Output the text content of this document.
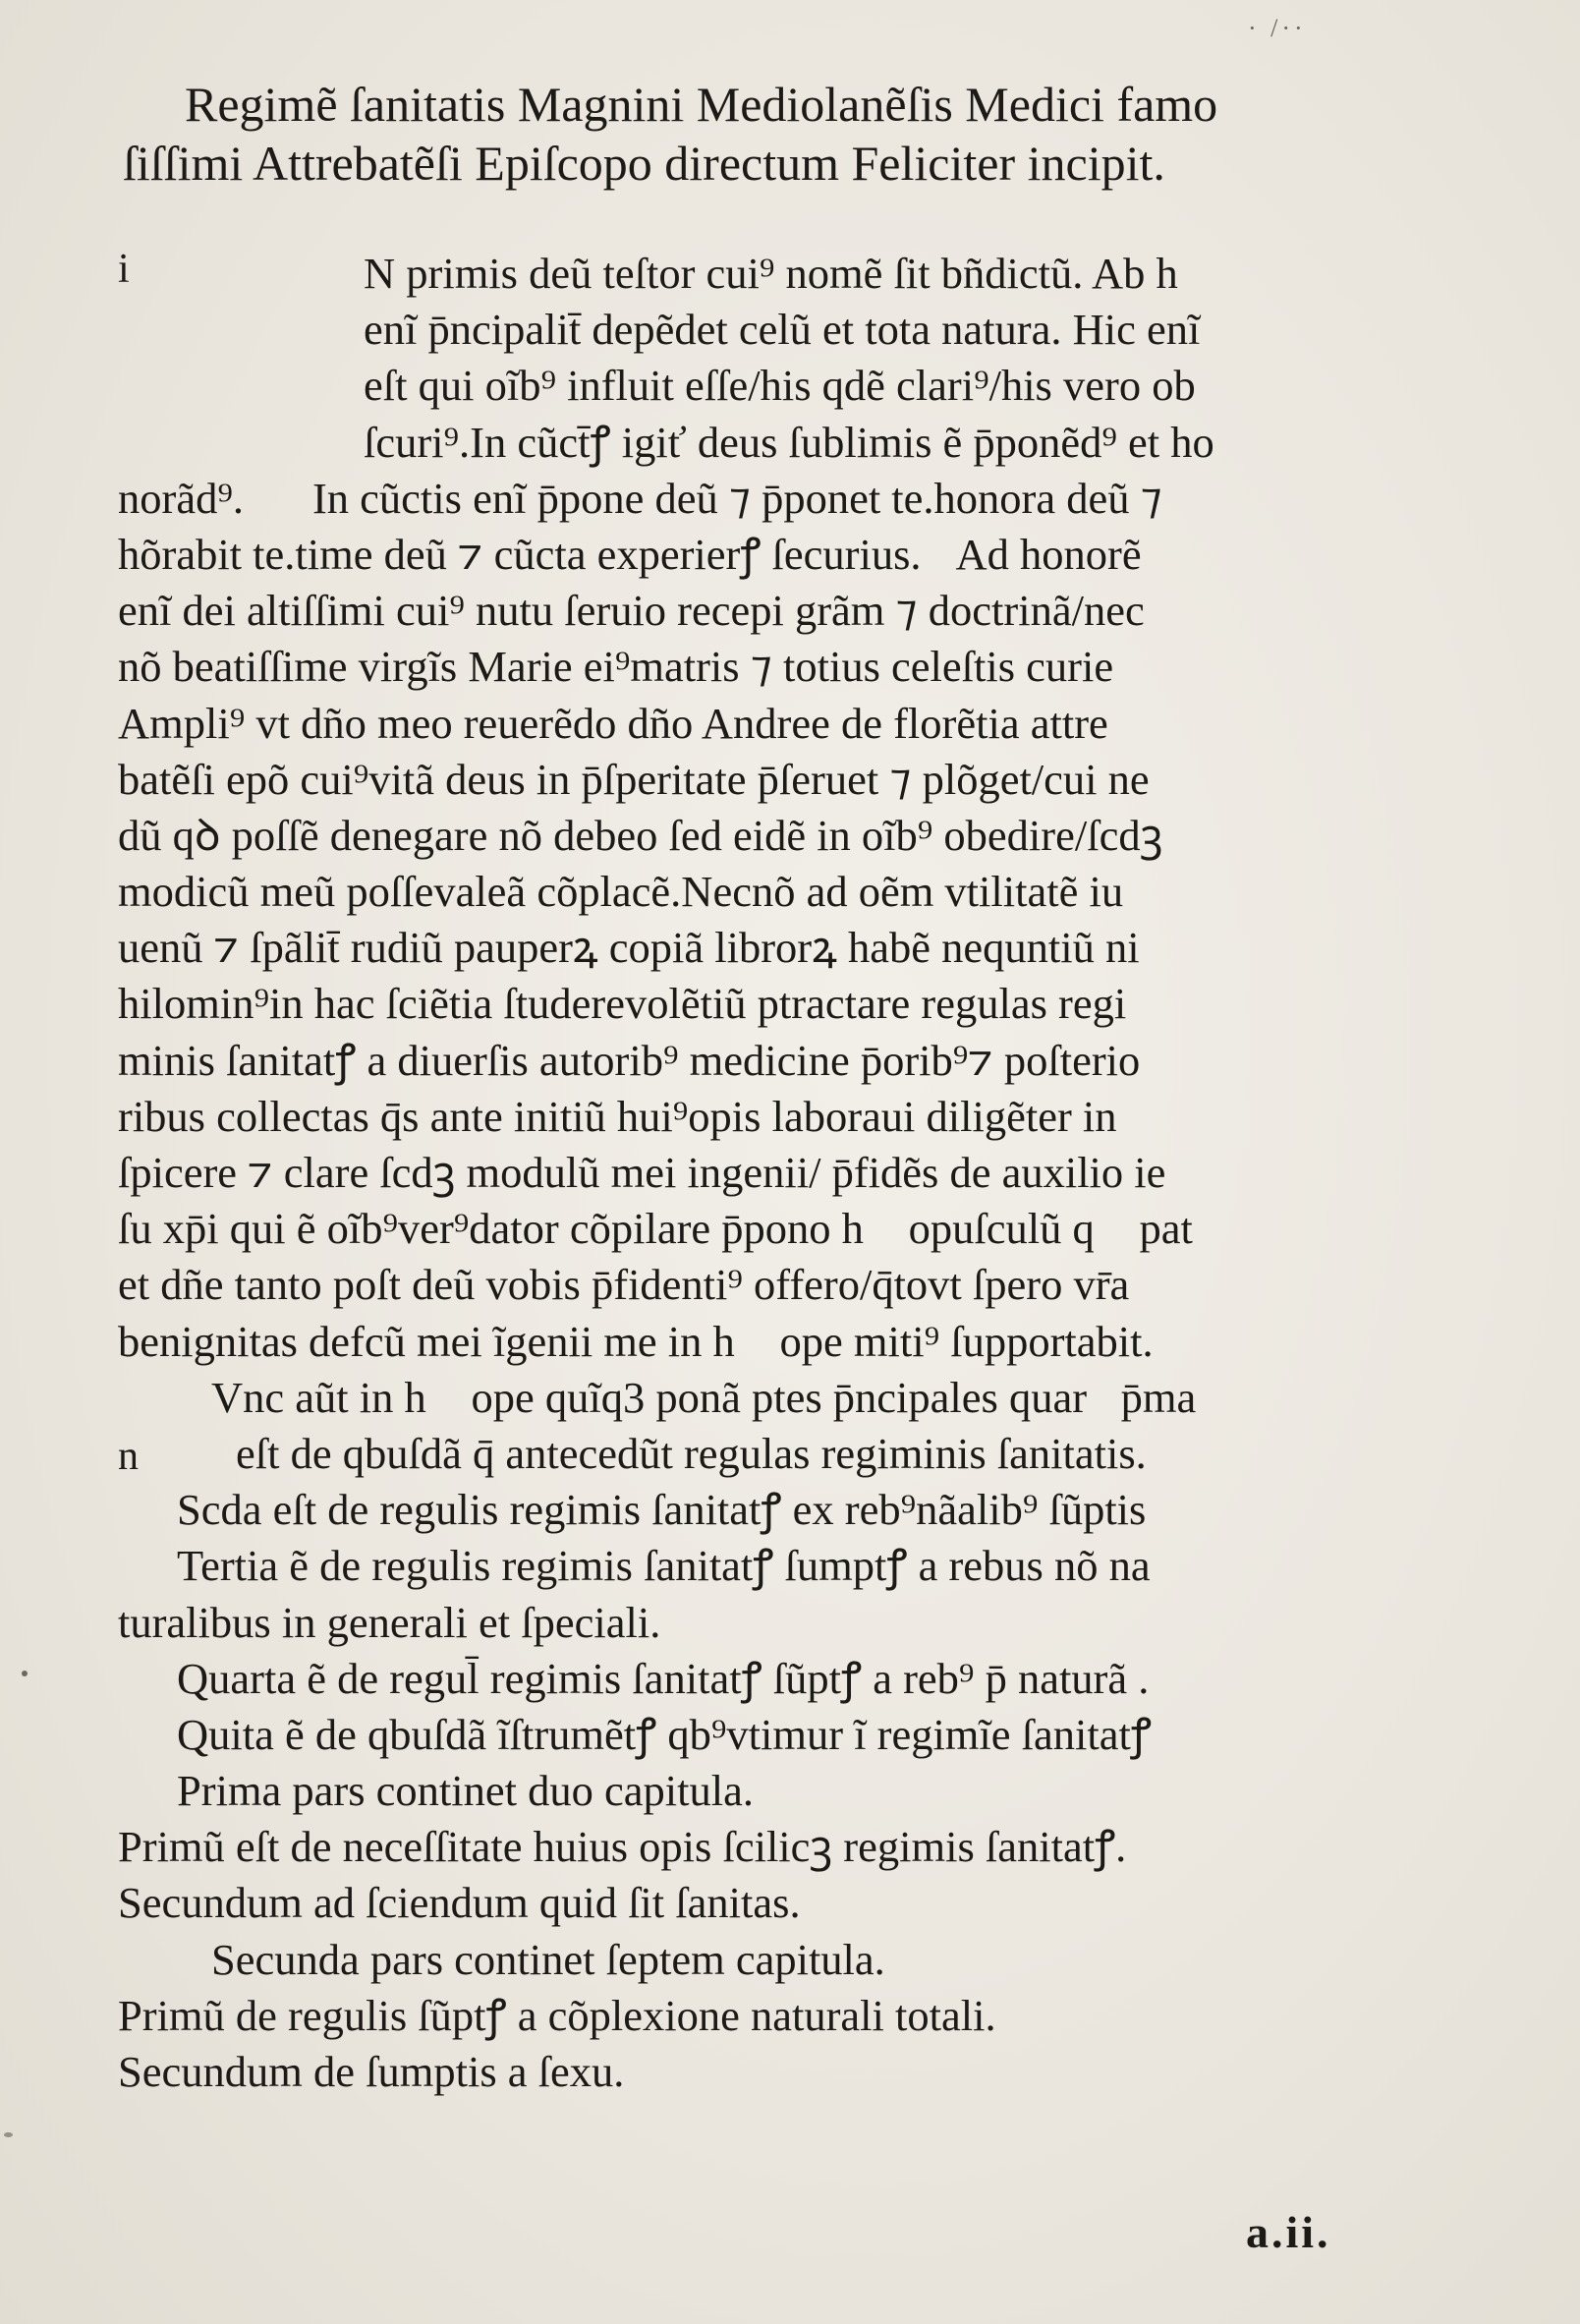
· /··
Regimẽ ſanitatis Magnini Mediolanẽſis Medici famo
ſiſſimi Attrebatẽſi Epiſcopo directum Feliciter incipit.
i
n
N primis deũ teſtor cui⁹ nomẽ ſit bñdictũ. Ab hᷓ
enĩ p̄ncipalit̄ depẽdet celũ et tota natura. Hic enĩ
eſt qui oĩb⁹ influit eſſe/his qdẽ clari⁹/his vero ob
ſcuri⁹.In cũct̄ꝭ igiť deus ſublimis ẽ p̄ponẽd⁹ et ho
norãd⁹. In cũctis enĩ p̄pone deũ ⁊ p̄ponet te.honora deũ ⁊
hõrabit te.time deũ ⁊ cũcta experierꝭ ſecurius. Ad honorẽ
enĩ dei altiſſimi cui⁹ nutu ſeruio recepi grãm ⁊ doctrinã/nec
nõ beatiſſime virgĩs Marie ei⁹matris ⁊ totius celeſtis curie
Ampli⁹ vt dño meo reuerẽdo dño Andree de florẽtia attre
batẽſi epõ cui⁹vitã deus in p̄ſperitate p̄ſeruet ⁊ plõget/cui ne
dũ qꝺ poſſẽ denegare nõ debeo ſed eidẽ in oĩb⁹ obedire/ſcdꝫ
modicũ meũ poſſevaleã cõplacẽ.Necnõ ad oẽm vtilitatẽ iu
uenũ ⁊ ſpãlit̄ rudiũ pauperꝝ copiã librorꝝ habẽ nequntiũ ni
hilomin⁹in hac ſciẽtia ſtuderevolẽtiũ ptractare regulas regi
minis ſanitatꝭ a diuerſis autorib⁹ medicine p̄orib⁹⁊ poſterio
ribus collectas q̄s ante initiũ hui⁹opis laboraui diligẽter in
ſpicere ⁊ clare ſcdꝫ modulũ mei ingenii/ p̄fidẽs de auxilio ie
ſu xp̄i qui ẽ oĩb⁹ver⁹dator cõpilare p̄pono hᷓ opuſculũ qꝺ patꝫ
et dñe tanto poſt deũ vobis p̄fidenti⁹ offero/q̄tovt ſpero vr̄a
benignitas defcũ mei ĩgenii me in hᷓ ope miti⁹ ſupportabit.
Vnc aũt in hᷓ ope quĩq3 ponã ptes p̄ncipales quarꝝp̄ma
eſt de qbuſdã q̄ antecedũt regulas regiminis ſanitatis.
Scda eſt de regulis regimis ſanitatꝭ ex reb⁹nãalib⁹ ſũptis
Tertia ẽ de regulis regimis ſanitatꝭ ſumptꝭ a rebus nõ na
turalibus in generali et ſpeciali.
Quarta ẽ de regul̄ regimis ſanitatꝭ ſũptꝭ a reb⁹ p̄ naturã .
Quita ẽ de qbuſdã ĩſtrumẽtꝭ qb⁹vtimur ĩ regimĩe ſanitatꝭ
Prima pars continet duo capitula.
Primũ eſt de neceſſitate huius opis ſcilicꝫ regimis ſanitatꝭ.
Secundum ad ſciendum quid ſit ſanitas.
Secunda pars continet ſeptem capitula.
Primũ de regulis ſũptꝭ a cõplexione naturali totali.
Secundum de ſumptis a ſexu.
a.ii.
